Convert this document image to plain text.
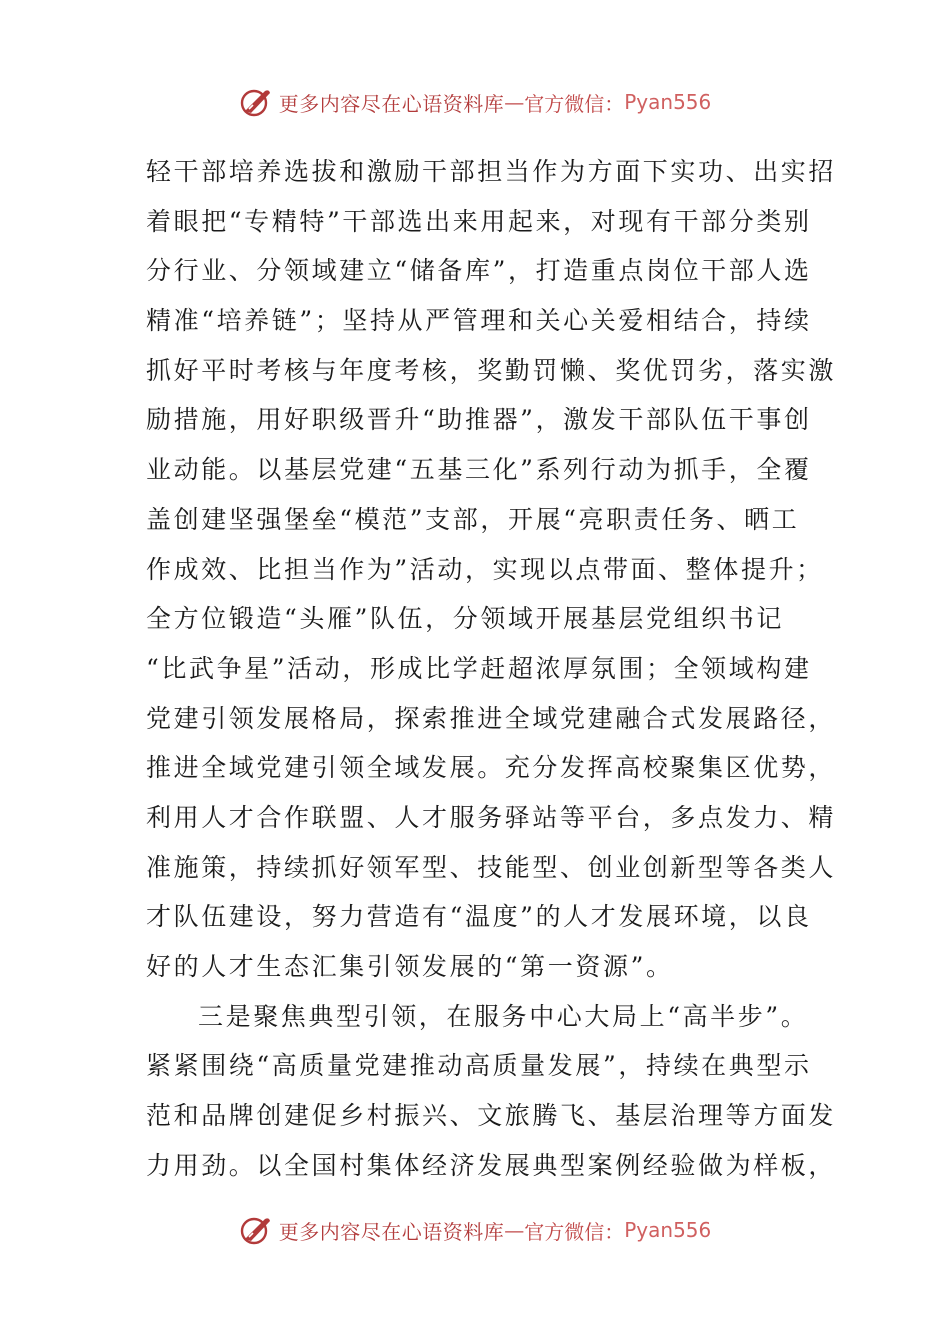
更多内容尽在心语资料库 — 官方微信： Pyan556
轻干部培养选拔和激励干部担当作为方面下实功、出实招
着眼把“专精特”干部选出来用起来，对现有干部分类别
分行业、分领域建立“储备库”，打造重点岗位干部人选
精准“培养链”；坚持从严管理和关心关爱相结合，持续
抓好平时考核与年度考核，奖勤罚懒、奖优罚劣，落实激
励措施，用好职级晋升“助推器”，激发干部队伍干事创
业动能。以基层党建“五基三化”系列行动为抓手，全覆
盖创建坚强堡垒“模范”支部，开展“亮职责任务、晒工
作成效、比担当作为”活动，实现以点带面、整体提升；
全方位锻造“头雁”队伍，分领域开展基层党组织书记
“比武争星”活动，形成比学赶超浓厚氛围；全领域构建
党建引领发展格局，探索推进全域党建融合式发展路径，
推进全域党建引领全域发展。充分发挥高校聚集区优势，
利用人才合作联盟、人才服务驿站等平台，多点发力、精
准施策，持续抓好领军型、技能型、创业创新型等各类人
才队伍建设，努力营造有“温度”的人才发展环境，以良
好的人才生态汇集引领发展的“第一资源”。
三是聚焦典型引领，在服务中心大局上“高半步”。
紧紧围绕“高质量党建推动高质量发展”，持续在典型示
范和品牌创建促乡村振兴、文旅腾飞、基层治理等方面发
力用劲。以全国村集体经济发展典型案例经验做为样板，
更多内容尽在心语资料库 — 官方微信： Pyan556
